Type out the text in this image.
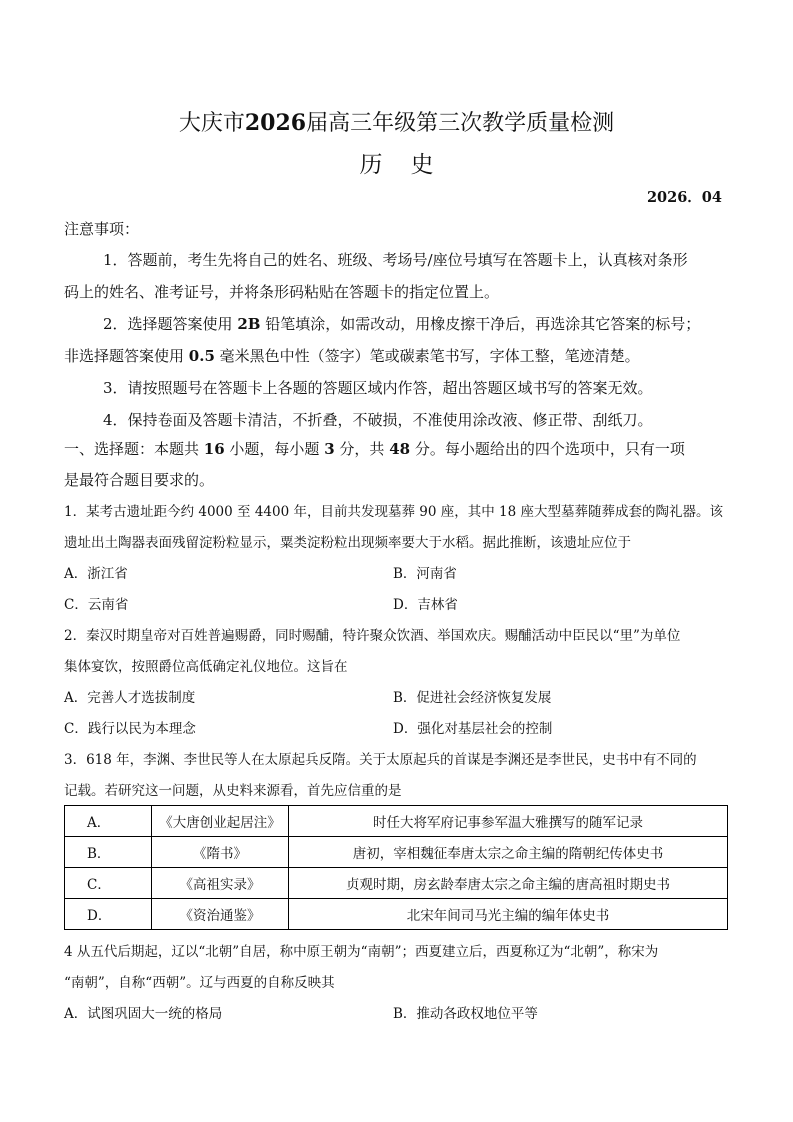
大庆市2026届高三年级第三次教学质量检测
历 史
2026．04
注意事项：
1．答题前，考生先将自己的姓名、班级、考场号/座位号填写在答题卡上，认真核对条形
码上的姓名、准考证号，并将条形码粘贴在答题卡的指定位置上。
2．选择题答案使用 2B 铅笔填涂，如需改动，用橡皮擦干净后，再选涂其它答案的标号；
非选择题答案使用 0.5 毫米黑色中性（签字）笔或碳素笔书写，字体工整，笔迹清楚。
3．请按照题号在答题卡上各题的答题区域内作答，超出答题区域书写的答案无效。
4．保持卷面及答题卡清洁，不折叠，不破损，不准使用涂改液、修正带、刮纸刀。
一、选择题：本题共 16 小题，每小题 3 分，共 48 分。每小题给出的四个选项中，只有一项
是最符合题目要求的。
1．某考古遗址距今约 4000 至 4400 年，目前共发现墓葬 90 座，其中 18 座大型墓葬随葬成套的陶礼器。该
遗址出土陶器表面残留淀粉粒显示，粟类淀粉粒出现频率要大于水稻。据此推断，该遗址应位于
A．浙江省	B．河南省
C．云南省	D．吉林省
2．秦汉时期皇帝对百姓普遍赐爵，同时赐酺，特许聚众饮酒、举国欢庆。赐酺活动中臣民以“里”为单位
集体宴饮，按照爵位高低确定礼仪地位。这旨在
A．完善人才选拔制度	B．促进社会经济恢复发展
C．践行以民为本理念	D．强化对基层社会的控制
3．618 年，李渊、李世民等人在太原起兵反隋。关于太原起兵的首谋是李渊还是李世民，史书中有不同的
记载。若研究这一问题，从史料来源看，首先应信重的是
A．	《大唐创业起居注》	时任大将军府记事参军温大雅撰写的随军记录
B．	《隋书》	唐初，宰相魏征奉唐太宗之命主编的隋朝纪传体史书
C．	《高祖实录》	贞观时期，房玄龄奉唐太宗之命主编的唐高祖时期史书
D．	《资治通鉴》	北宋年间司马光主编的编年体史书
4 从五代后期起，辽以“北朝”自居，称中原王朝为“南朝”；西夏建立后，西夏称辽为“北朝”，称宋为
“南朝”，自称“西朝”。辽与西夏的自称反映其
A．试图巩固大一统的格局	B．推动各政权地位平等
